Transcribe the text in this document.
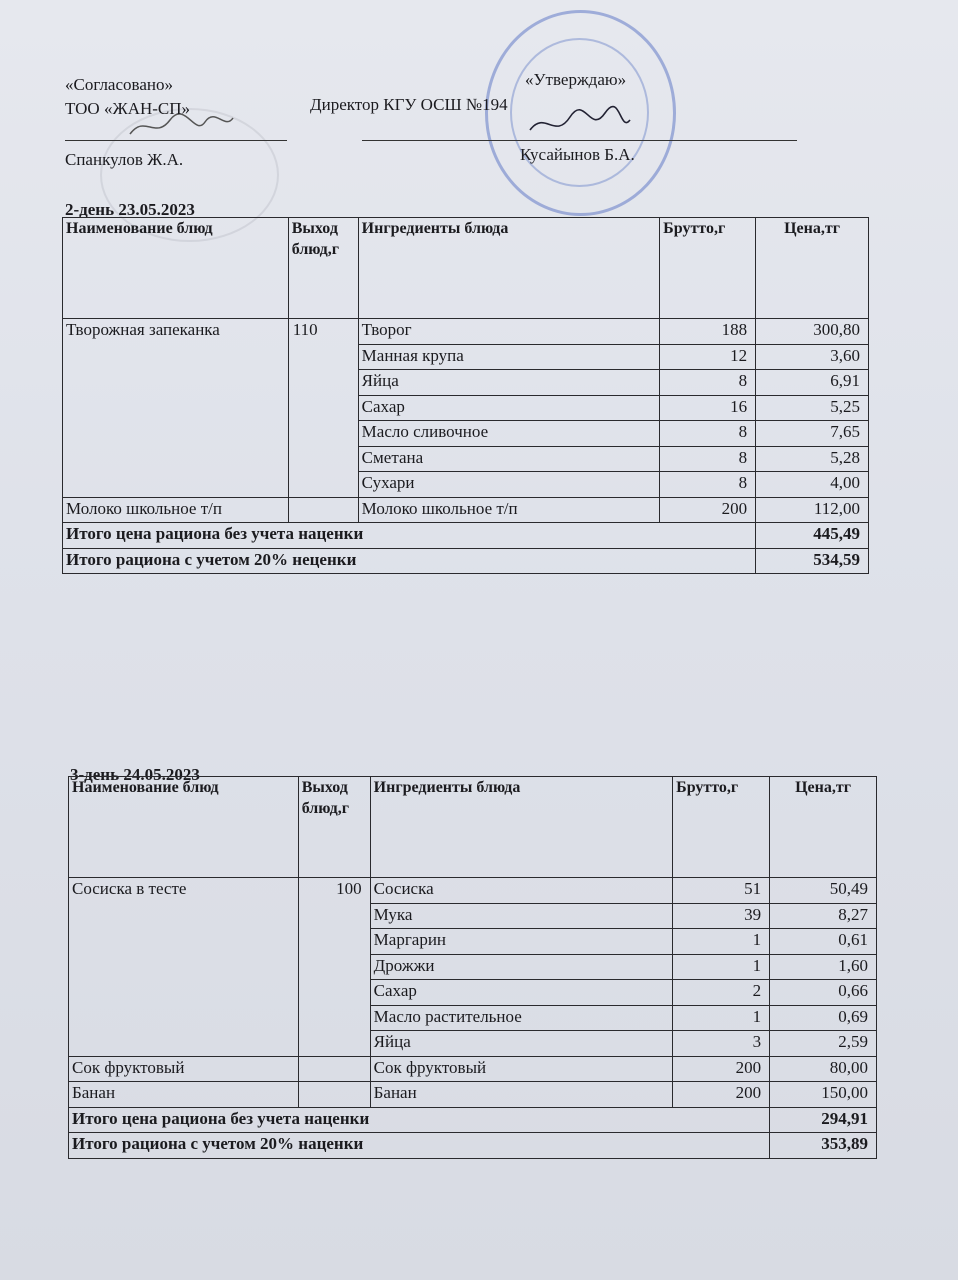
«Согласовано»
ТОО «ЖАН-СП»
Спанкулов Ж.А.
«Утверждаю»
Директор КГУ ОСШ №194
Кусайынов Б.А.
2-день 23.05.2023
Наименование блюд	Выход блюд,г	Ингредиенты блюда	Брутто,г	Цена,тг
Творожная запеканка	110	Творог	188	300,80
		Манная крупа	12	3,60
		Яйца	8	6,91
		Сахар	16	5,25
		Масло сливочное	8	7,65
		Сметана	8	5,28
		Сухари	8	4,00
Молоко школьное т/п		Молоко школьное т/п	200	112,00
Итого цена рациона без учета наценки				445,49
Итого рациона с учетом 20% неценки				534,59
3-день 24.05.2023
Наименование блюд	Выход блюд,г	Ингредиенты блюда	Брутто,г	Цена,тг
Сосиска в тесте	100	Сосиска	51	50,49
		Мука	39	8,27
		Маргарин	1	0,61
		Дрожжи	1	1,60
		Сахар	2	0,66
		Масло растительное	1	0,69
		Яйца	3	2,59
Сок фруктовый		Сок фруктовый	200	80,00
Банан		Банан	200	150,00
Итого цена рациона без учета наценки				294,91
Итого рациона с учетом 20% наценки				353,89
